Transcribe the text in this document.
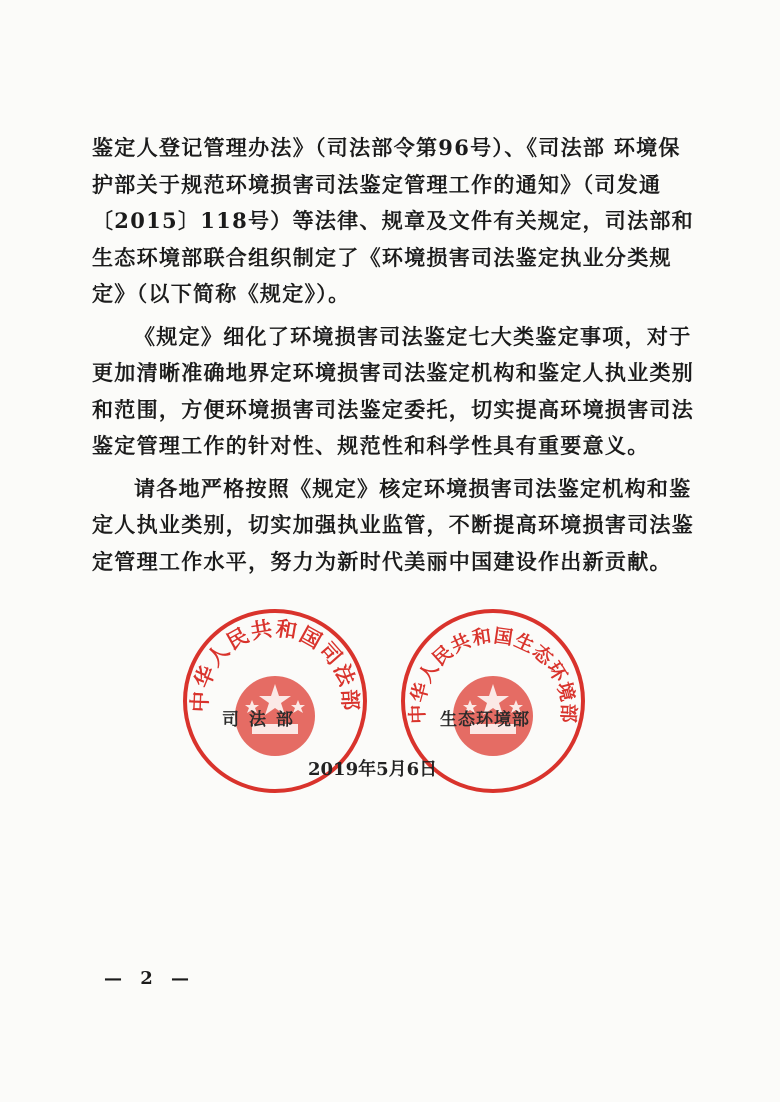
鉴定人登记管理办法》（司法部令第96号）、《司法部 环境保护部关于规范环境损害司法鉴定管理工作的通知》（司发通〔2015〕118号）等法律、规章及文件有关规定，司法部和生态环境部联合组织制定了《环境损害司法鉴定执业分类规定》（以下简称《规定》）。

《规定》细化了环境损害司法鉴定七大类鉴定事项，对于更加清晰准确地界定环境损害司法鉴定机构和鉴定人执业类别和范围，方便环境损害司法鉴定委托，切实提高环境损害司法鉴定管理工作的针对性、规范性和科学性具有重要意义。

请各地严格按照《规定》核定环境损害司法鉴定机构和鉴定人执业类别，切实加强执业监管，不断提高环境损害司法鉴定管理工作水平，努力为新时代美丽中国建设作出新贡献。

中华人民共和国司法部
中华人民共和国生态环境部
司法部	生态环境部
2019年5月6日
— 2 —
